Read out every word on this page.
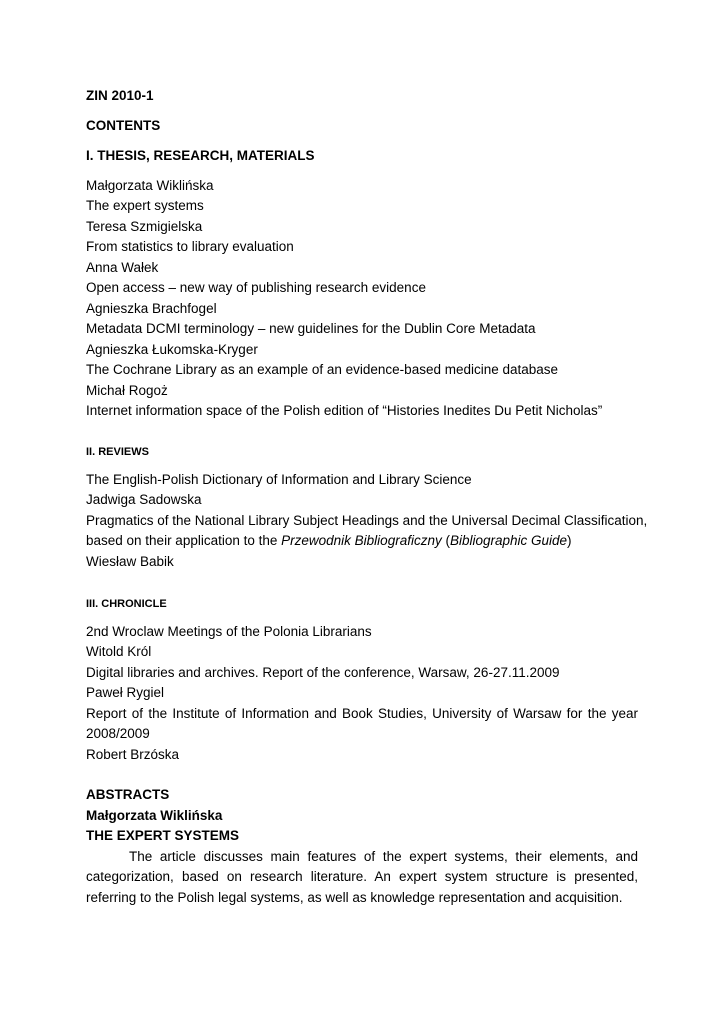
ZIN 2010-1
CONTENTS
I. THESIS, RESEARCH, MATERIALS
Małgorzata Wiklińska
The expert systems
Teresa Szmigielska
From statistics to library evaluation
Anna Wałek
Open access – new way of publishing research evidence
Agnieszka Brachfogel
Metadata DCMI terminology – new guidelines for the Dublin Core Metadata
Agnieszka Łukomska-Kryger
The Cochrane Library as an example of an evidence-based medicine database
Michał Rogoż
Internet information space of the Polish edition of “Histories Inedites Du Petit Nicholas”
II. REVIEWS
The English-Polish Dictionary of Information and Library Science
Jadwiga Sadowska
Pragmatics of the National Library Subject Headings and the Universal Decimal Classification,
based on their application to the Przewodnik Bibliograficzny (Bibliographic Guide)
Wiesław Babik
III. CHRONICLE
2nd Wroclaw Meetings of the Polonia Librarians
Witold Król
Digital libraries and archives. Report of the conference, Warsaw, 26-27.11.2009
Paweł Rygiel
Report of the Institute of Information and Book Studies, University of Warsaw for the year
2008/2009
Robert Brzóska
ABSTRACTS
Małgorzata Wiklińska
THE EXPERT SYSTEMS
The article discusses main features of the expert systems, their elements, and
categorization, based on research literature. An expert system structure is presented,
referring to the Polish legal systems, as well as knowledge representation and acquisition.
